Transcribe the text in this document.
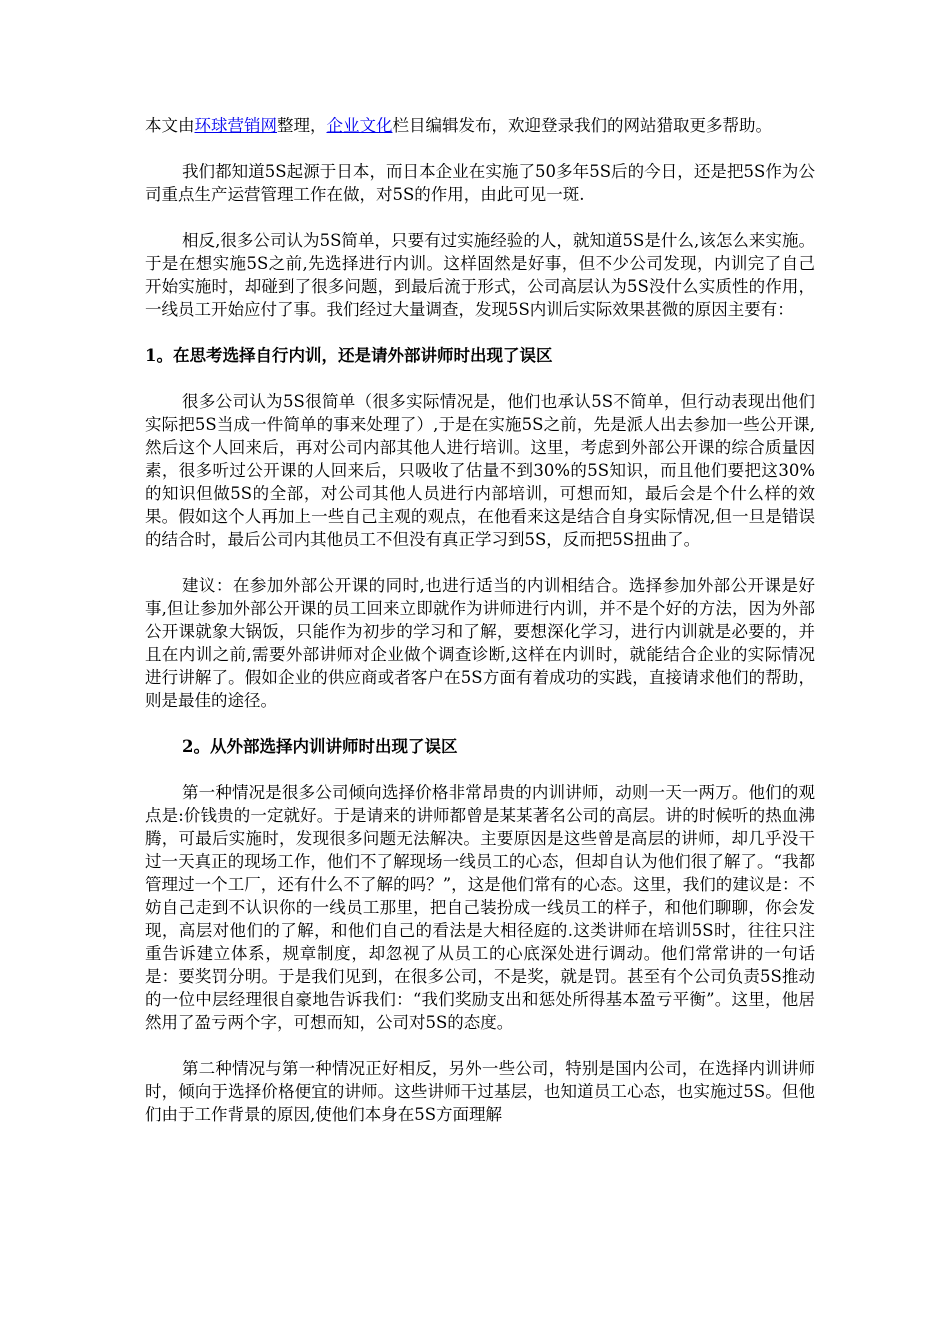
本文由环球营销网整理，企业文化栏目编辑发布，欢迎登录我们的网站猎取更多帮助。

我们都知道5S起源于日本，而日本企业在实施了50多年5S后的今日，还是把5S作为公司重点生产运营管理工作在做，对5S的作用，由此可见一斑.

相反,很多公司认为5S简单，只要有过实施经验的人，就知道5S是什么,该怎么来实施。于是在想实施5S之前,先选择进行内训。这样固然是好事，但不少公司发现，内训完了自己开始实施时，却碰到了很多问题，到最后流于形式，公司高层认为5S没什么实质性的作用，一线员工开始应付了事。我们经过大量调查，发现5S内训后实际效果甚微的原因主要有：

1。在思考选择自行内训，还是请外部讲师时出现了误区

很多公司认为5S很简单（很多实际情况是，他们也承认5S不简单，但行动表现出他们实际把5S当成一件简单的事来处理了）,于是在实施5S之前，先是派人出去参加一些公开课,然后这个人回来后，再对公司内部其他人进行培训。这里，考虑到外部公开课的综合质量因素，很多听过公开课的人回来后，只吸收了估量不到30%的5S知识，而且他们要把这30%的知识但做5S的全部，对公司其他人员进行内部培训，可想而知，最后会是个什么样的效果。假如这个人再加上一些自己主观的观点，在他看来这是结合自身实际情况,但一旦是错误的结合时，最后公司内其他员工不但没有真正学习到5S，反而把5S扭曲了。

建议：在参加外部公开课的同时,也进行适当的内训相结合。选择参加外部公开课是好事,但让参加外部公开课的员工回来立即就作为讲师进行内训，并不是个好的方法，因为外部公开课就象大锅饭，只能作为初步的学习和了解，要想深化学习，进行内训就是必要的，并且在内训之前,需要外部讲师对企业做个调查诊断,这样在内训时，就能结合企业的实际情况进行讲解了。假如企业的供应商或者客户在5S方面有着成功的实践，直接请求他们的帮助，则是最佳的途径。

2。从外部选择内训讲师时出现了误区

第一种情况是很多公司倾向选择价格非常昂贵的内训讲师，动则一天一两万。他们的观点是:价钱贵的一定就好。于是请来的讲师都曾是某某著名公司的高层。讲的时候听的热血沸腾，可最后实施时，发现很多问题无法解决。主要原因是这些曾是高层的讲师，却几乎没干过一天真正的现场工作，他们不了解现场一线员工的心态，但却自认为他们很了解了。“我都管理过一个工厂，还有什么不了解的吗？”，这是他们常有的心态。这里，我们的建议是：不妨自己走到不认识你的一线员工那里，把自己装扮成一线员工的样子，和他们聊聊，你会发现，高层对他们的了解，和他们自己的看法是大相径庭的.这类讲师在培训5S时，往往只注重告诉建立体系，规章制度，却忽视了从员工的心底深处进行调动。他们常常讲的一句话是：要奖罚分明。于是我们见到，在很多公司，不是奖，就是罚。甚至有个公司负责5S推动的一位中层经理很自豪地告诉我们：“我们奖励支出和惩处所得基本盈亏平衡”。这里，他居然用了盈亏两个字，可想而知，公司对5S的态度。

第二种情况与第一种情况正好相反，另外一些公司，特别是国内公司，在选择内训讲师时，倾向于选择价格便宜的讲师。这些讲师干过基层，也知道员工心态，也实施过5S。但他们由于工作背景的原因,使他们本身在5S方面理解
